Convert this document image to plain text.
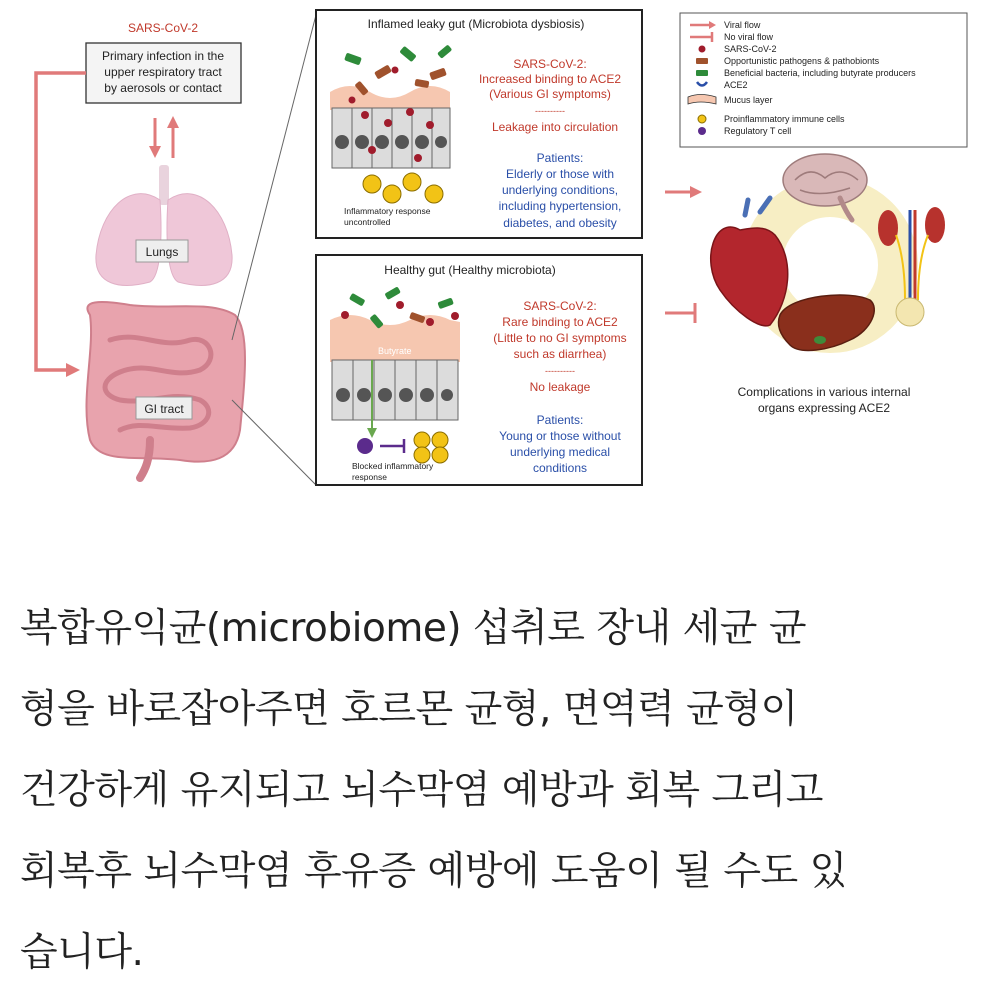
SARS-CoV-2
Primary infection in the
upper respiratory tract
by aerosols or contact
Lungs
GI tract
Inflamed leaky gut (Microbiota dysbiosis)
Inflammatory response
uncontrolled
SARS-CoV-2:
Increased binding to ACE2
(Various GI symptoms)
----------
Leakage into circulation
Patients:
Elderly or those with
underlying conditions,
including hypertension,
diabetes, and obesity
Healthy gut (Healthy microbiota)
Butyrate
Blocked inflammatory
response
SARS-CoV-2:
Rare binding to ACE2
(Little to no GI symptoms
such as diarrhea)
----------
No leakage
Patients:
Young or those without
underlying medical
conditions
Viral flow
No viral flow
SARS-CoV-2
Opportunistic pathogens & pathobionts
Beneficial bacteria, including butyrate producers
ACE2
Mucus layer
Proinflammatory immune cells
Regulatory T cell
Complications in various internal
organs expressing ACE2
복합유익균(microbiome) 섭취로 장내 세균 균
형을 바로잡아주면 호르몬 균형, 면역력 균형이
건강하게 유지되고 뇌수막염 예방과 회복 그리고
회복후 뇌수막염 후유증 예방에 도움이 될 수도 있
습니다.
